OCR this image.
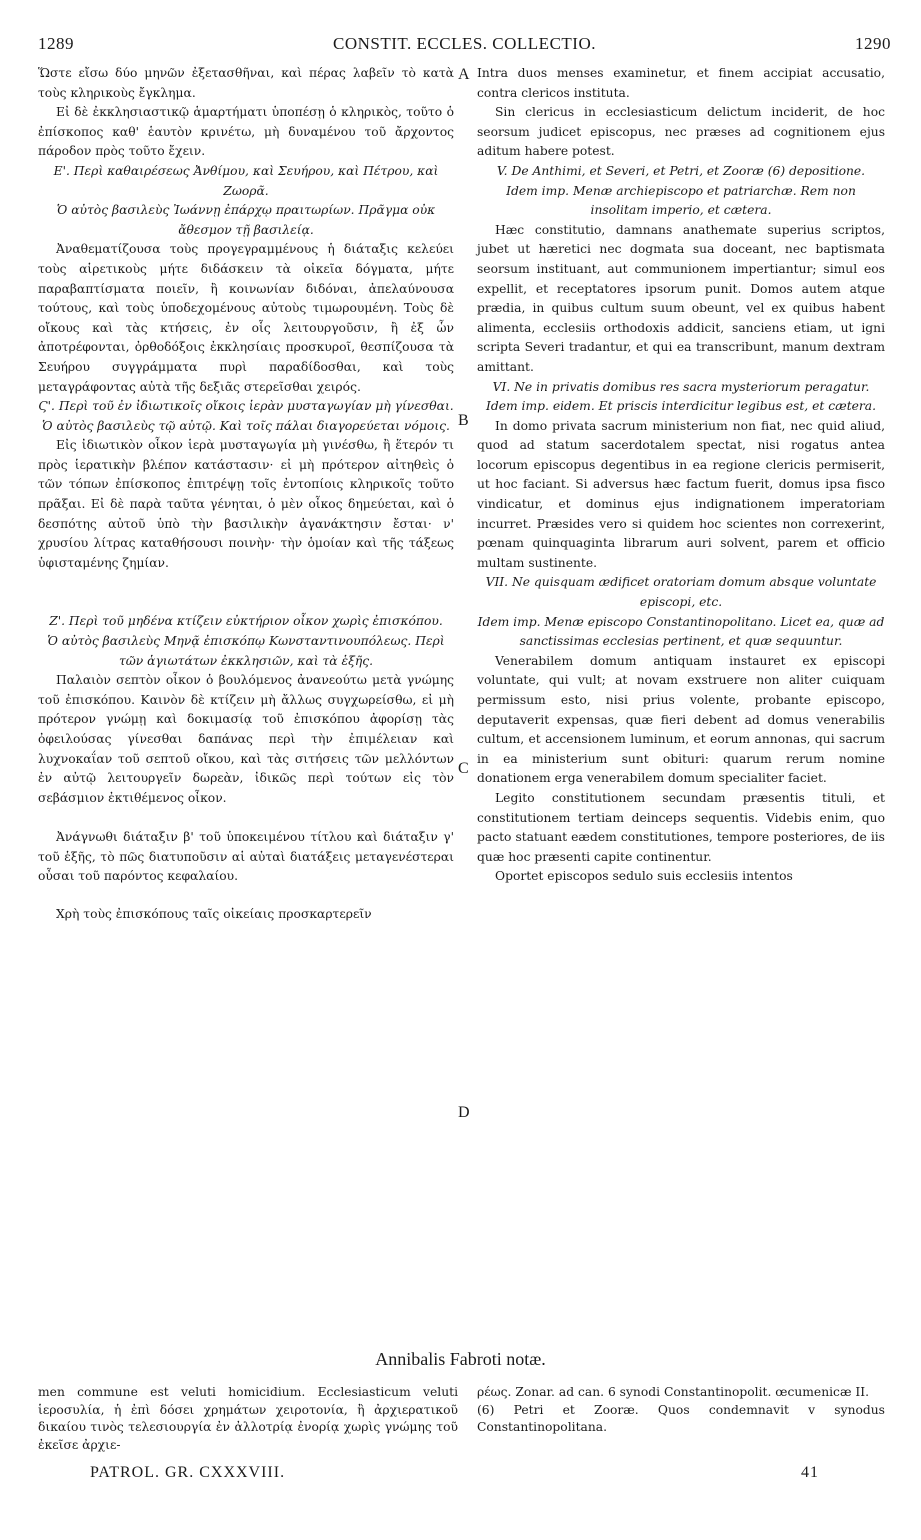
1289	CONSTIT. ECCLES. COLLECTIO.	1290

Ὥστε εἴσω δύο μηνῶν ἐξετασθῆναι, καὶ πέρας λαβεῖν τὸ κατὰ τοὺς κληρικοὺς ἔγκλημα.

Εἰ δὲ ἐκκλησιαστικῷ ἁμαρτήματι ὑποπέσῃ ὁ κληρικὸς, τοῦτο ὁ ἐπίσκοπος καθ' ἑαυτὸν κρινέτω, μὴ δυναμένου τοῦ ἄρχοντος πάροδον πρὸς τοῦτο ἔχειν.

Ε'. Περὶ καθαιρέσεως Ἀνθίμου, καὶ Σευήρου, καὶ Πέτρου, καὶ Ζωορᾶ.

Ὁ αὐτὸς βασιλεὺς Ἰωάννῃ ἐπάρχῳ πραιτωρίων. Πρᾶγμα οὐκ ἄθεσμον τῇ βασιλείᾳ.

Ἀναθεματίζουσα τοὺς προγεγραμμένους ἡ διάταξις κελεύει τοὺς αἱρετικοὺς μήτε διδάσκειν τὰ οἰκεῖα δόγματα, μήτε παραβαπτίσματα ποιεῖν, ἢ κοινωνίαν διδόναι, ἀπελαύνουσα τούτους, καὶ τοὺς ὑποδεχομένους αὐτοὺς τιμωρουμένη. Τοὺς δὲ οἴκους καὶ τὰς κτήσεις, ἐν οἷς λειτουργοῦσιν, ἢ ἐξ ὧν ἀποτρέφονται, ὀρθοδόξοις ἐκκλησίαις προσκυροῖ, θεσπίζουσα τὰ Σευήρου συγγράμματα πυρὶ παραδίδοσθαι, καὶ τοὺς μεταγράφοντας αὐτὰ τῆς δεξιᾶς στερεῖσθαι χειρός.

Ϛ'. Περὶ τοῦ ἐν ἰδιωτικοῖς οἴκοις ἱερὰν μυσταγωγίαν μὴ γίνεσθαι.

Ὁ αὐτὸς βασιλεὺς τῷ αὐτῷ. Καὶ τοῖς πάλαι διαγορεύεται νόμοις.

Εἰς ἰδιωτικὸν οἶκον ἱερὰ μυσταγωγία μὴ γινέσθω, ἢ ἕτερόν τι πρὸς ἱερατικὴν βλέπον κατάστασιν· εἰ μὴ πρότερον αἰτηθεὶς ὁ τῶν τόπων ἐπίσκοπος ἐπιτρέψῃ τοῖς ἐντοπίοις κληρικοῖς τοῦτο πρᾶξαι. Εἰ δὲ παρὰ ταῦτα γένηται, ὁ μὲν οἶκος δημεύεται, καὶ ὁ δεσπότης αὐτοῦ ὑπὸ τὴν βασιλικὴν ἀγανάκτησιν ἔσται· ν' χρυσίου λίτρας καταθήσουσι ποινὴν· τὴν ὁμοίαν καὶ τῆς τάξεως ὑφισταμένης ζημίαν.

Ζ'. Περὶ τοῦ μηδένα κτίζειν εὐκτήριον οἶκον χωρὶς ἐπισκόπου.

Ὁ αὐτὸς βασιλεὺς Μηνᾷ ἐπισκόπῳ Κωνσταντινουπόλεως. Περὶ τῶν ἁγιωτάτων ἐκκλησιῶν, καὶ τὰ ἑξῆς.

Παλαιὸν σεπτὸν οἶκον ὁ βουλόμενος ἀνανεούτω μετὰ γνώμης τοῦ ἐπισκόπου. Καινὸν δὲ κτίζειν μὴ ἄλλως συγχωρείσθω, εἰ μὴ πρότερον γνώμῃ καὶ δοκιμασίᾳ τοῦ ἐπισκόπου ἀφορίσῃ τὰς ὀφειλούσας γίνεσθαι δαπάνας περὶ τὴν ἐπιμέλειαν καὶ λυχνοκαΐαν τοῦ σεπτοῦ οἴκου, καὶ τὰς σιτήσεις τῶν μελλόντων ἐν αὐτῷ λειτουργεῖν δωρεὰν, ἰδικῶς περὶ τούτων εἰς τὸν σεβάσμιον ἐκτιθέμενος οἶκον.

Ἀνάγνωθι διάταξιν β' τοῦ ὑποκειμένου τίτλου καὶ διάταξιν γ' τοῦ ἑξῆς, τὸ πῶς διατυποῦσιν αἱ αὐταὶ διατάξεις μεταγενέστεραι οὖσαι τοῦ παρόντος κεφαλαίου.

Χρὴ τοὺς ἐπισκόπους ταῖς οἰκείαις προσκαρτερεῖν

Intra duos menses examinetur, et finem accipiat accusatio, contra clericos instituta.

Sin clericus in ecclesiasticum delictum inciderit, de hoc seorsum judicet episcopus, nec præses ad cognitionem ejus aditum habere potest.

V. De Anthimi, et Severi, et Petri, et Zooræ (6) depositione.

Idem imp. Menæ archiepiscopo et patriarchæ. Rem non insolitam imperio, et cætera.

Hæc constitutio, damnans anathemate superius scriptos, jubet ut hæretici nec dogmata sua doceant, nec baptismata seorsum instituant, aut communionem impertiantur; simul eos expellit, et receptatores ipsorum punit. Domos autem atque prædia, in quibus cultum suum obeunt, vel ex quibus habent alimenta, ecclesiis orthodoxis addicit, sanciens etiam, ut igni scripta Severi tradantur, et qui ea transcribunt, manum dextram amittant.

VI. Ne in privatis domibus res sacra mysteriorum peragatur.

Idem imp. eidem. Et priscis interdicitur legibus est, et cætera.

In domo privata sacrum ministerium non fiat, nec quid aliud, quod ad statum sacerdotalem spectat, nisi rogatus antea locorum episcopus degentibus in ea regione clericis permiserit, ut hoc faciant. Si adversus hæc factum fuerit, domus ipsa fisco vindicatur, et dominus ejus indignationem imperatoriam incurret. Præsides vero si quidem hoc scientes non correxerint, pœnam quinquaginta librarum auri solvent, parem et officio multam sustinente.

VII. Ne quisquam ædificet oratoriam domum absque voluntate episcopi, etc.

Idem imp. Menæ episcopo Constantinopolitano. Licet ea, quæ ad sanctissimas ecclesias pertinent, et quæ sequuntur.

Venerabilem domum antiquam instauret ex episcopi voluntate, qui vult; at novam exstruere non aliter cuiquam permissum esto, nisi prius volente, probante episcopo, deputaverit expensas, quæ fieri debent ad domus venerabilis cultum, et accensionem luminum, et eorum annonas, qui sacrum in ea ministerium sunt obituri: quarum rerum nomine donationem erga venerabilem domum specialiter faciet.

Legito constitutionem secundam præsentis tituli, et constitutionem tertiam deinceps sequentis. Videbis enim, quo pacto statuant eædem constitutiones, tempore posteriores, de iis quæ hoc præsenti capite continentur.

Oportet episcopos sedulo suis ecclesiis intentos

A
B
C
D
Annibalis Fabroti notæ.

men commune est veluti homicidium. Ecclesiasticum veluti ἱεροσυλία, ἡ ἐπὶ δόσει χρημάτων χειροτονία, ἢ ἀρχιερατικοῦ δικαίου τινὸς τελεσιουργία ἐν ἀλλοτρίᾳ ἐνορίᾳ χωρὶς γνώμης τοῦ ἐκεῖσε ἀρχιε-

ρέως. Zonar. ad can. 6 synodi Constantinopolit. œcumenicæ II.

(6) Petri et Zooræ. Quos condemnavit v synodus Constantinopolitana.

PATROL. GR. CXXXVIII.	41
